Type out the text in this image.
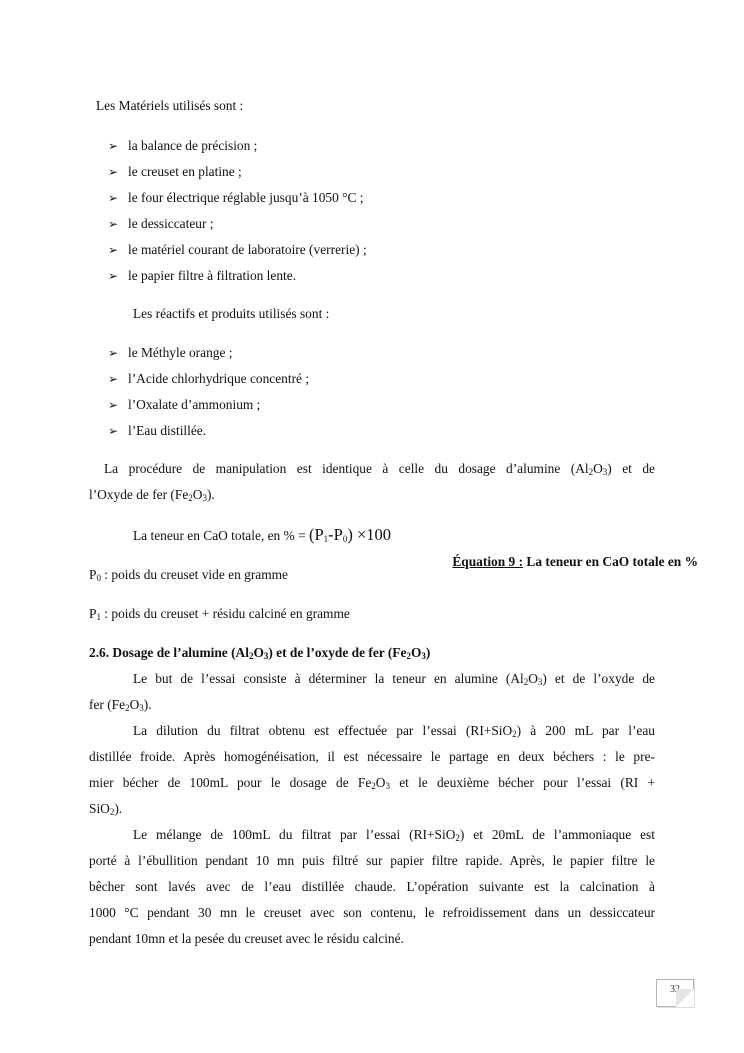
Les Matériels utilisés sont :
➢ la balance de précision ;
➢ le creuset en platine ;
➢ le four électrique réglable jusqu’à 1050 °C ;
➢ le dessiccateur ;
➢ le matériel courant de laboratoire (verrerie) ;
➢ le papier filtre à filtration lente.
Les réactifs et produits utilisés sont :
➢ le Méthyle orange ;
➢ l’Acide chlorhydrique concentré ;
➢ l’Oxalate d’ammonium ;
➢ l’Eau distillée.
La procédure de manipulation est identique à celle du dosage d’alumine $(Al_2O_3)$ et de
l’Oxyde de fer $(Fe_2O_3)$.
La teneur en CaO totale, en % = $(P_1-P_0) \times 100$
Équation 9 : La teneur en CaO totale en %
$P_0$ : poids du creuset vide en gramme
$P_1$ : poids du creuset + résidu calciné en gramme
2.6. Dosage de l’alumine $(Al_2O_3)$ et de l’oxyde de fer $(Fe_2O_3)$
Le but de l’essai consiste à déterminer la teneur en alumine $(Al_2O_3)$ et de l’oxyde de
fer $(Fe_2O_3)$.
La dilution du filtrat obtenu est effectuée par l’essai (RI+SiO$_2$) à 200 mL par l’eau
distillée froide. Après homogénéisation, il est nécessaire le partage en deux béchers : le pre-
mier bécher de 100mL pour le dosage de $Fe_2O_3$ et le deuxième bécher pour l’essai (RI +
SiO$_2$).
Le mélange de 100mL du filtrat par l’essai (RI+SiO$_2$) et 20mL de l’ammoniaque est
porté à l’ébullition pendant 10 mn puis filtré sur papier filtre rapide. Après, le papier filtre le
bêcher sont lavés avec de l’eau distillée chaude. L’opération suivante est la calcination à
1000 °C pendant 30 mn le creuset avec son contenu, le refroidissement dans un dessiccateur
pendant 10mn et la pesée du creuset avec le résidu calciné.
32
